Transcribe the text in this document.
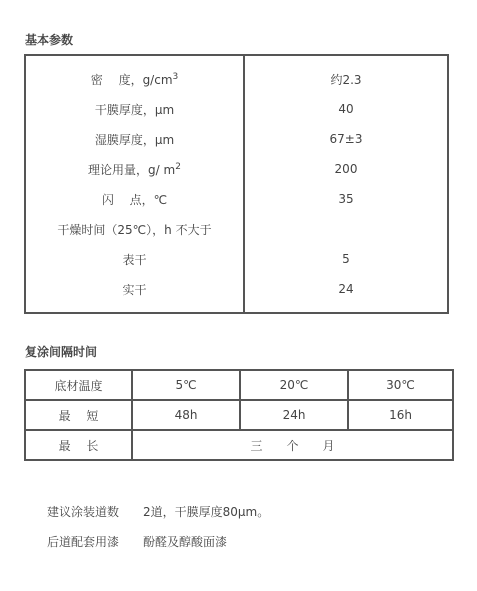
基本参数
密　 度，$g/cm^3$	约2.3
干膜厚度，μm	40
湿膜厚度，μm	67±3
理论用量，g/ $m^2$	200
闪　 点，℃	35
干燥时间（25℃），h 不大于	
表干	5
实干	24
复涂间隔时间
底材温度	5℃	20℃	30℃
最　 短	48h	24h	16h
最　 长	三　　个　　月		
建议涂装道数 2道，干膜厚度80μm。
后道配套用漆 酚醛及醇酸面漆
